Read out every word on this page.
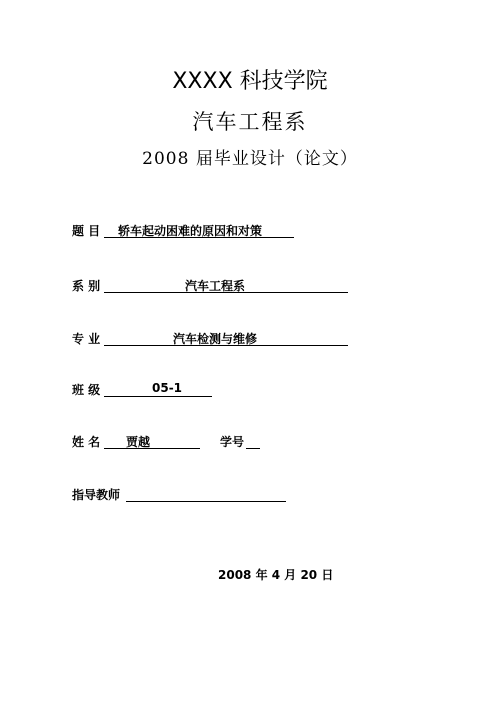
XXXX 科技学院
汽车工程系
2008 届毕业设计（论文）
题 目 轿车起动困难的原因和对策
系 别	汽车工程系
专 业	汽车检测与维修
班 级	05-1
姓 名 贾越	学号
指导教师
2008 年 4 月 20 日
